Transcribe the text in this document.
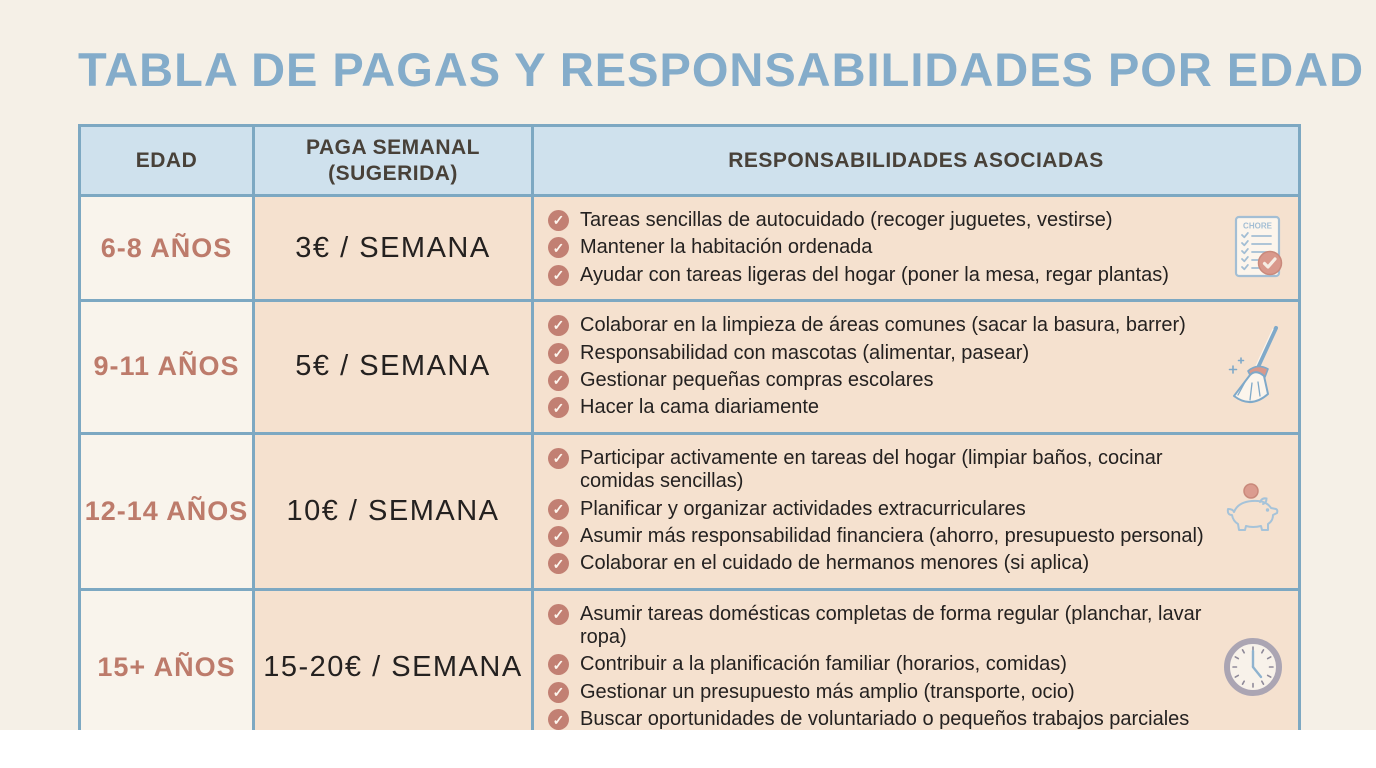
TABLA DE PAGAS Y RESPONSABILIDADES POR EDAD
EDAD	PAGA SEMANAL (SUGERIDA)	RESPONSABILIDADES ASOCIADAS
6-8 AÑOS	3€ / SEMANA	
✓ Tareas sencillas de autocuidado (recoger juguetes, vestirse)
✓ Mantener la habitación ordenada
✓ Ayudar con tareas ligeras del hogar (poner la mesa, regar plantas)
CHORE

9-11 AÑOS	5€ / SEMANA	
✓ Colaborar en la limpieza de áreas comunes (sacar la basura, barrer)
✓ Responsabilidad con mascotas (alimentar, pasear)
✓ Gestionar pequeñas compras escolares
✓ Hacer la cama diariamente

12-14 AÑOS	10€ / SEMANA	
✓ Participar activamente en tareas del hogar (limpiar baños, cocinar comidas sencillas)
✓ Planificar y organizar actividades extracurriculares
✓ Asumir más responsabilidad financiera (ahorro, presupuesto personal)
✓ Colaborar en el cuidado de hermanos menores (si aplica)

15+ AÑOS	15-20€ / SEMANA	
✓ Asumir tareas domésticas completas de forma regular (planchar, lavar ropa)
✓ Contribuir a la planificación familiar (horarios, comidas)
✓ Gestionar un presupuesto más amplio (transporte, ocio)
✓ Buscar oportunidades de voluntariado o pequeños trabajos parciales
